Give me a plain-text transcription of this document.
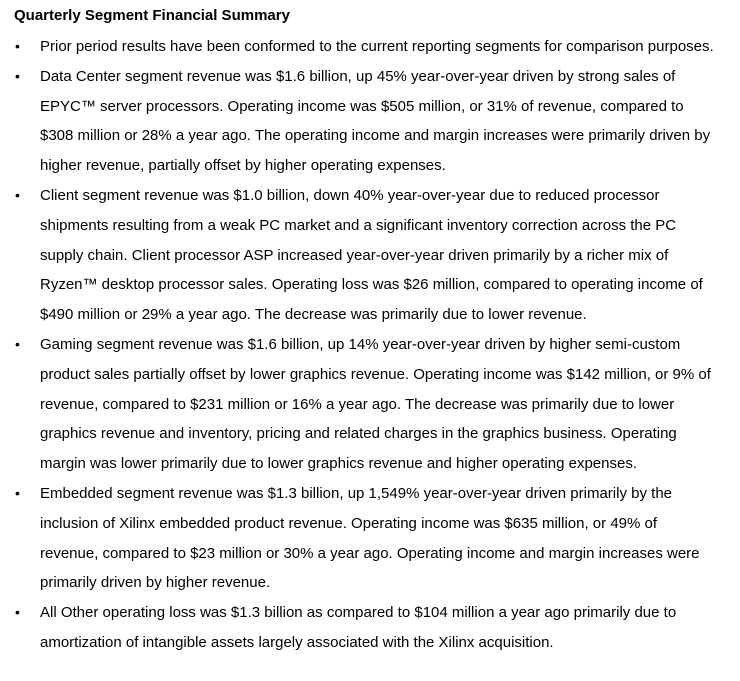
Quarterly Segment Financial Summary
• Prior period results have been conformed to the current reporting segments for comparison purposes.
• Data Center segment revenue was $1.6 billion, up 45% year-over-year driven by strong sales of
EPYC™ server processors. Operating income was $505 million, or 31% of revenue, compared to
$308 million or 28% a year ago. The operating income and margin increases were primarily driven by
higher revenue, partially offset by higher operating expenses.
• Client segment revenue was $1.0 billion, down 40% year-over-year due to reduced processor
shipments resulting from a weak PC market and a significant inventory correction across the PC
supply chain. Client processor ASP increased year-over-year driven primarily by a richer mix of
Ryzen™ desktop processor sales. Operating loss was $26 million, compared to operating income of
$490 million or 29% a year ago. The decrease was primarily due to lower revenue.
• Gaming segment revenue was $1.6 billion, up 14% year-over-year driven by higher semi-custom
product sales partially offset by lower graphics revenue. Operating income was $142 million, or 9% of
revenue, compared to $231 million or 16% a year ago. The decrease was primarily due to lower
graphics revenue and inventory, pricing and related charges in the graphics business. Operating
margin was lower primarily due to lower graphics revenue and higher operating expenses.
• Embedded segment revenue was $1.3 billion, up 1,549% year-over-year driven primarily by the
inclusion of Xilinx embedded product revenue. Operating income was $635 million, or 49% of
revenue, compared to $23 million or 30% a year ago. Operating income and margin increases were
primarily driven by higher revenue.
• All Other operating loss was $1.3 billion as compared to $104 million a year ago primarily due to
amortization of intangible assets largely associated with the Xilinx acquisition.
